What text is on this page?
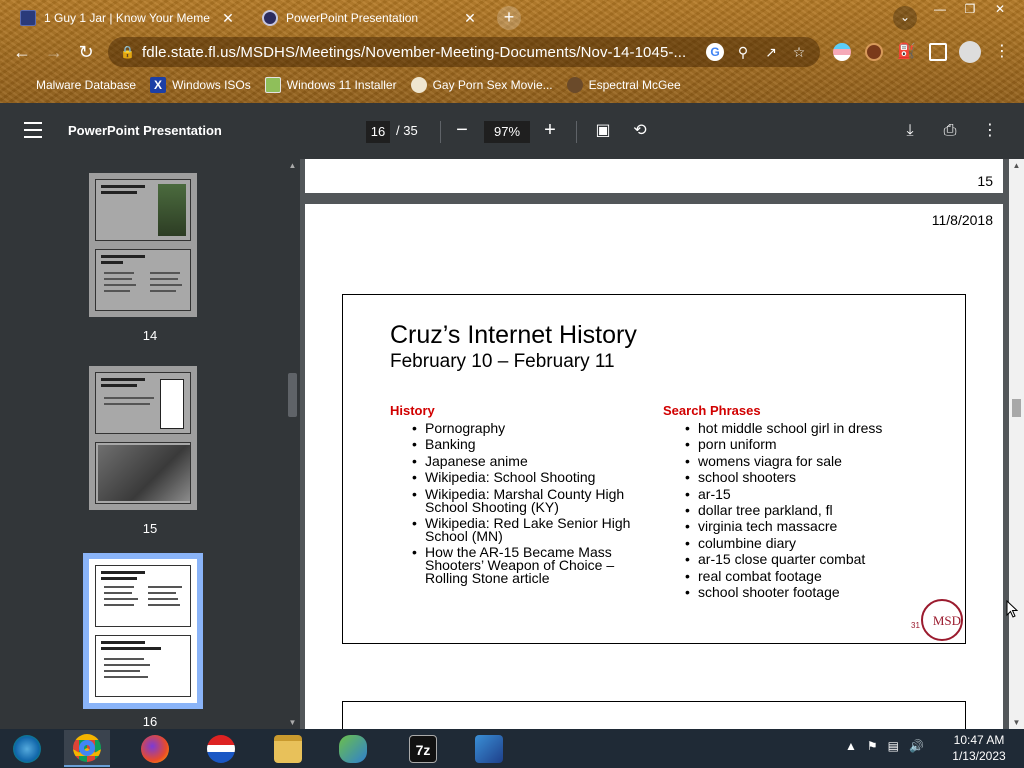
1 Guy 1 Jar | Know Your Meme ✕	PowerPoint Presentation	✕	+	⌄
—	❐	✕
← → ↻	🔒 fdle.state.fl.us/MSDHS/Meetings/November-Meeting-Documents/Nov-14-1045-...	G	⚲ ↗ ☆	⛽	⋮
Malware Database	X Windows ISOs	Windows 11 Installer	Gay Porn Sex Movie...	Espectral McGee
PowerPoint Presentation	16 / 35	−	97%	+	▣	⟲	⤓	⎙	⋮
14
15
16
▲
▼
15
11/8/2018
Cruz’s Internet History
February 10 – February 11
History
• Pornography
• Banking
• Japanese anime
• Wikipedia: School Shooting
• Wikipedia: Marshal County High School Shooting (KY)
• Wikipedia: Red Lake Senior High School (MN)
• How the AR-15 Became Mass Shooters’ Weapon of Choice – Rolling Stone article
Search Phrases
• hot middle school girl in dress
• porn uniform
• womens viagra for sale
• school shooters
• ar-15
• dollar tree parkland, fl
• virginia tech massacre
• columbine diary
• ar-15 close quarter combat
• real combat footage
• school shooter footage
31 MSD
▲
▼
7z	▲ ⚑ ▤ 🔊	10:47 AM
1/13/2023
